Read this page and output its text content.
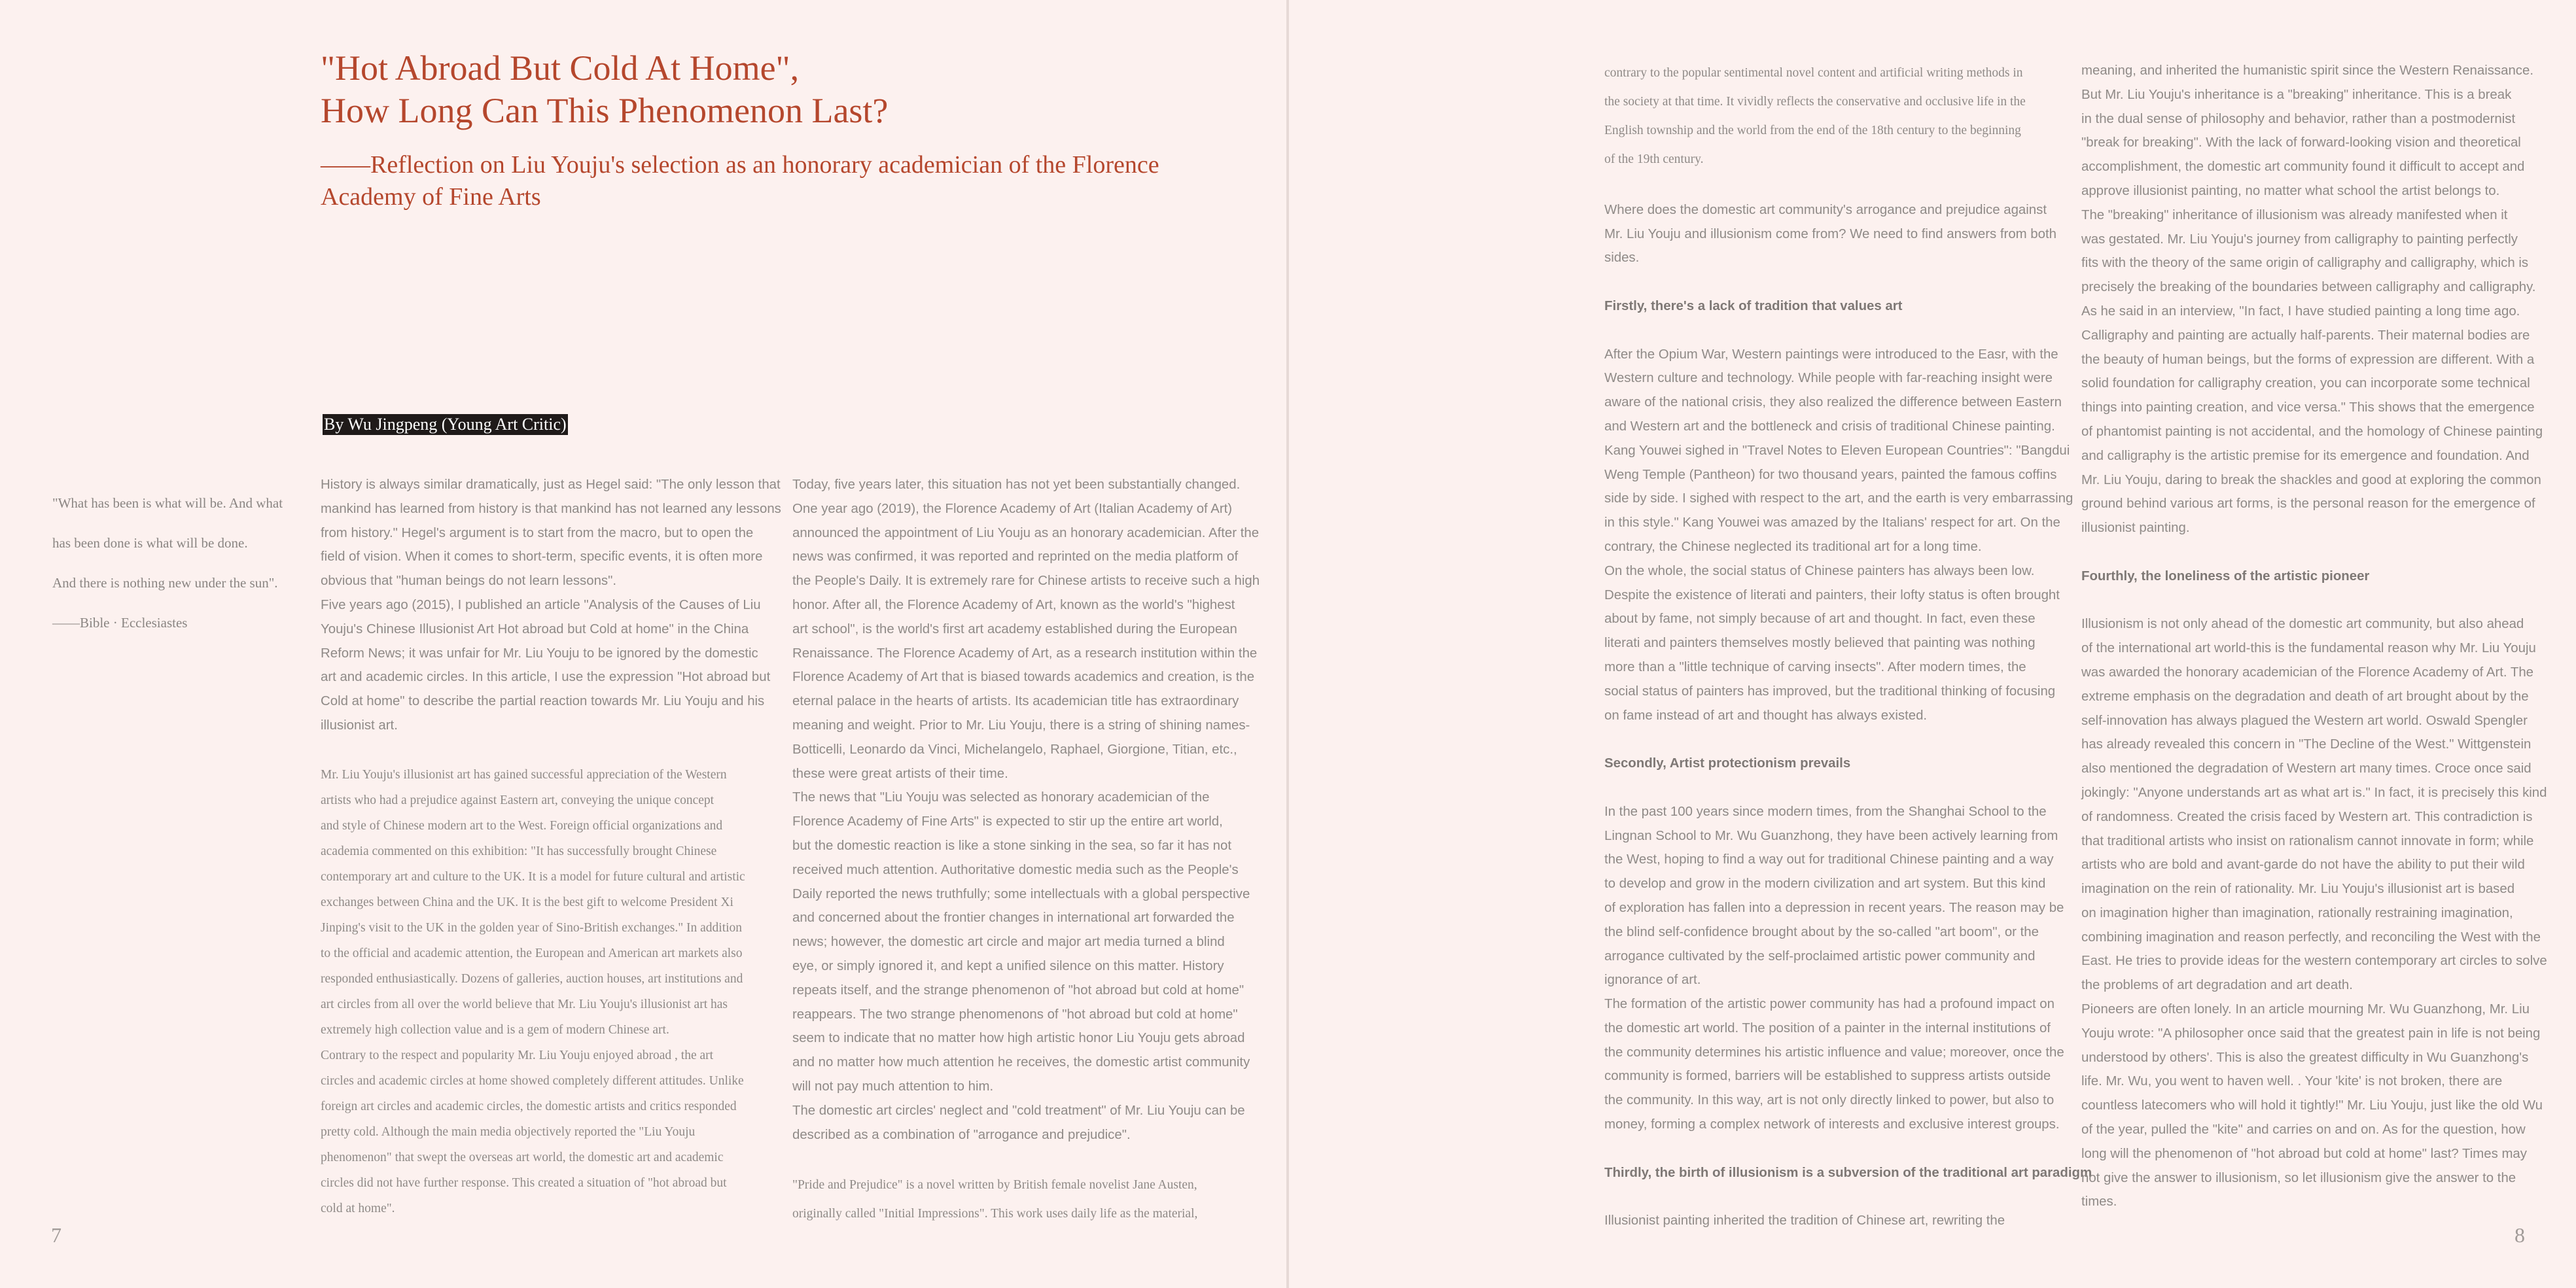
"Hot Abroad But Cold At Home",
How Long Can This Phenomenon Last?
——Reflection on Liu Youju's selection as an honorary academician of the Florence
Academy of Fine Arts
By Wu Jingpeng (Young Art Critic)

"What has been is what will be. And what

has been done is what will be done.

And there is nothing new under the sun".

——Bible · Ecclesiastes

History is always similar dramatically, just as Hegel said: "The only lesson that

mankind has learned from history is that mankind has not learned any lessons

from history." Hegel's argument is to start from the macro, but to open the

field of vision. When it comes to short-term, specific events, it is often more

obvious that "human beings do not learn lessons".

Five years ago (2015), I published an article "Analysis of the Causes of Liu

Youju's Chinese Illusionist Art Hot abroad but Cold at home" in the China

Reform News; it was unfair for Mr. Liu Youju to be ignored by the domestic

art and academic circles. In this article, I use the expression "Hot abroad but

Cold at home" to describe the partial reaction towards Mr. Liu Youju and his

illusionist art.

Mr. Liu Youju's illusionist art has gained successful appreciation of the Western

artists who had a prejudice against Eastern art, conveying the unique concept

and style of Chinese modern art to the West. Foreign official organizations and

academia commented on this exhibition: "It has successfully brought Chinese

contemporary art and culture to the UK. It is a model for future cultural and artistic

exchanges between China and the UK. It is the best gift to welcome President Xi

Jinping's visit to the UK in the golden year of Sino-British exchanges." In addition

to the official and academic attention, the European and American art markets also

responded enthusiastically. Dozens of galleries, auction houses, art institutions and

art circles from all over the world believe that Mr. Liu Youju's illusionist art has

extremely high collection value and is a gem of modern Chinese art.

Contrary to the respect and popularity Mr. Liu Youju enjoyed abroad , the art

circles and academic circles at home showed completely different attitudes. Unlike

foreign art circles and academic circles, the domestic artists and critics responded

pretty cold. Although the main media objectively reported the "Liu Youju

phenomenon" that swept the overseas art world, the domestic art and academic

circles did not have further response. This created a situation of "hot abroad but

cold at home".

Today, five years later, this situation has not yet been substantially changed.

One year ago (2019), the Florence Academy of Art (Italian Academy of Art)

announced the appointment of Liu Youju as an honorary academician. After the

news was confirmed, it was reported and reprinted on the media platform of

the People's Daily. It is extremely rare for Chinese artists to receive such a high

honor. After all, the Florence Academy of Art, known as the world's "highest

art school", is the world's first art academy established during the European

Renaissance. The Florence Academy of Art, as a research institution within the

Florence Academy of Art that is biased towards academics and creation, is the

eternal palace in the hearts of artists. Its academician title has extraordinary

meaning and weight. Prior to Mr. Liu Youju, there is a string of shining names-

Botticelli, Leonardo da Vinci, Michelangelo, Raphael, Giorgione, Titian, etc.,

these were great artists of their time.

The news that "Liu Youju was selected as honorary academician of the

Florence Academy of Fine Arts" is expected to stir up the entire art world,

but the domestic reaction is like a stone sinking in the sea, so far it has not

received much attention. Authoritative domestic media such as the People's

Daily reported the news truthfully; some intellectuals with a global perspective

and concerned about the frontier changes in international art forwarded the

news; however, the domestic art circle and major art media turned a blind

eye, or simply ignored it, and kept a unified silence on this matter. History

repeats itself, and the strange phenomenon of "hot abroad but cold at home"

reappears. The two strange phenomenons of "hot abroad but cold at home"

seem to indicate that no matter how high artistic honor Liu Youju gets abroad

and no matter how much attention he receives, the domestic artist community

will not pay much attention to him.

The domestic art circles' neglect and "cold treatment" of Mr. Liu Youju can be

described as a combination of "arrogance and prejudice".

"Pride and Prejudice" is a novel written by British female novelist Jane Austen,

originally called "Initial Impressions". This work uses daily life as the material,

7

contrary to the popular sentimental novel content and artificial writing methods in

the society at that time. It vividly reflects the conservative and occlusive life in the

English township and the world from the end of the 18th century to the beginning

of the 19th century.

Where does the domestic art community's arrogance and prejudice against

Mr. Liu Youju and illusionism come from? We need to find answers from both

sides.

Firstly, there's a lack of tradition that values art

After the Opium War, Western paintings were introduced to the Easr, with the

Western culture and technology. While people with far-reaching insight were

aware of the national crisis, they also realized the difference between Eastern

and Western art and the bottleneck and crisis of traditional Chinese painting.

Kang Youwei sighed in "Travel Notes to Eleven European Countries": "Bangdui

Weng Temple (Pantheon) for two thousand years, painted the famous coffins

side by side. I sighed with respect to the art, and the earth is very embarrassing

in this style." Kang Youwei was amazed by the Italians' respect for art. On the

contrary, the Chinese neglected its traditional art for a long time.

On the whole, the social status of Chinese painters has always been low.

Despite the existence of literati and painters, their lofty status is often brought

about by fame, not simply because of art and thought. In fact, even these

literati and painters themselves mostly believed that painting was nothing

more than a "little technique of carving insects". After modern times, the

social status of painters has improved, but the traditional thinking of focusing

on fame instead of art and thought has always existed.

Secondly, Artist protectionism prevails

In the past 100 years since modern times, from the Shanghai School to the

Lingnan School to Mr. Wu Guanzhong, they have been actively learning from

the West, hoping to find a way out for traditional Chinese painting and a way

to develop and grow in the modern civilization and art system. But this kind

of exploration has fallen into a depression in recent years. The reason may be

the blind self-confidence brought about by the so-called "art boom", or the

arrogance cultivated by the self-proclaimed artistic power community and

ignorance of art.

The formation of the artistic power community has had a profound impact on

the domestic art world. The position of a painter in the internal institutions of

the community determines his artistic influence and value; moreover, once the

community is formed, barriers will be established to suppress artists outside

the community. In this way, art is not only directly linked to power, but also to

money, forming a complex network of interests and exclusive interest groups.

Thirdly, the birth of illusionism is a subversion of the traditional art paradigm

Illusionist painting inherited the tradition of Chinese art, rewriting the

meaning, and inherited the humanistic spirit since the Western Renaissance.

But Mr. Liu Youju's inheritance is a "breaking" inheritance. This is a break

in the dual sense of philosophy and behavior, rather than a postmodernist

"break for breaking". With the lack of forward-looking vision and theoretical

accomplishment, the domestic art community found it difficult to accept and

approve illusionist painting, no matter what school the artist belongs to.

The "breaking" inheritance of illusionism was already manifested when it

was gestated. Mr. Liu Youju's journey from calligraphy to painting perfectly

fits with the theory of the same origin of calligraphy and calligraphy, which is

precisely the breaking of the boundaries between calligraphy and calligraphy.

As he said in an interview, "In fact, I have studied painting a long time ago.

Calligraphy and painting are actually half-parents. Their maternal bodies are

the beauty of human beings, but the forms of expression are different. With a

solid foundation for calligraphy creation, you can incorporate some technical

things into painting creation, and vice versa." This shows that the emergence

of phantomist painting is not accidental, and the homology of Chinese painting

and calligraphy is the artistic premise for its emergence and foundation. And

Mr. Liu Youju, daring to break the shackles and good at exploring the common

ground behind various art forms, is the personal reason for the emergence of

illusionist painting.

Fourthly, the loneliness of the artistic pioneer

Illusionism is not only ahead of the domestic art community, but also ahead

of the international art world-this is the fundamental reason why Mr. Liu Youju

was awarded the honorary academician of the Florence Academy of Art. The

extreme emphasis on the degradation and death of art brought about by the

self-innovation has always plagued the Western art world. Oswald Spengler

has already revealed this concern in "The Decline of the West." Wittgenstein

also mentioned the degradation of Western art many times. Croce once said

jokingly: "Anyone understands art as what art is." In fact, it is precisely this kind

of randomness. Created the crisis faced by Western art. This contradiction is

that traditional artists who insist on rationalism cannot innovate in form; while

artists who are bold and avant-garde do not have the ability to put their wild

imagination on the rein of rationality. Mr. Liu Youju's illusionist art is based

on imagination higher than imagination, rationally restraining imagination,

combining imagination and reason perfectly, and reconciling the West with the

East. He tries to provide ideas for the western contemporary art circles to solve

the problems of art degradation and art death.

Pioneers are often lonely. In an article mourning Mr. Wu Guanzhong, Mr. Liu

Youju wrote: "A philosopher once said that the greatest pain in life is not being

understood by others'. This is also the greatest difficulty in Wu Guanzhong's

life. Mr. Wu, you went to haven well. . Your 'kite' is not broken, there are

countless latecomers who will hold it tightly!" Mr. Liu Youju, just like the old Wu

of the year, pulled the "kite" and carries on and on. As for the question, how

long will the phenomenon of "hot abroad but cold at home" last? Times may

not give the answer to illusionism, so let illusionism give the answer to the

times.

8
